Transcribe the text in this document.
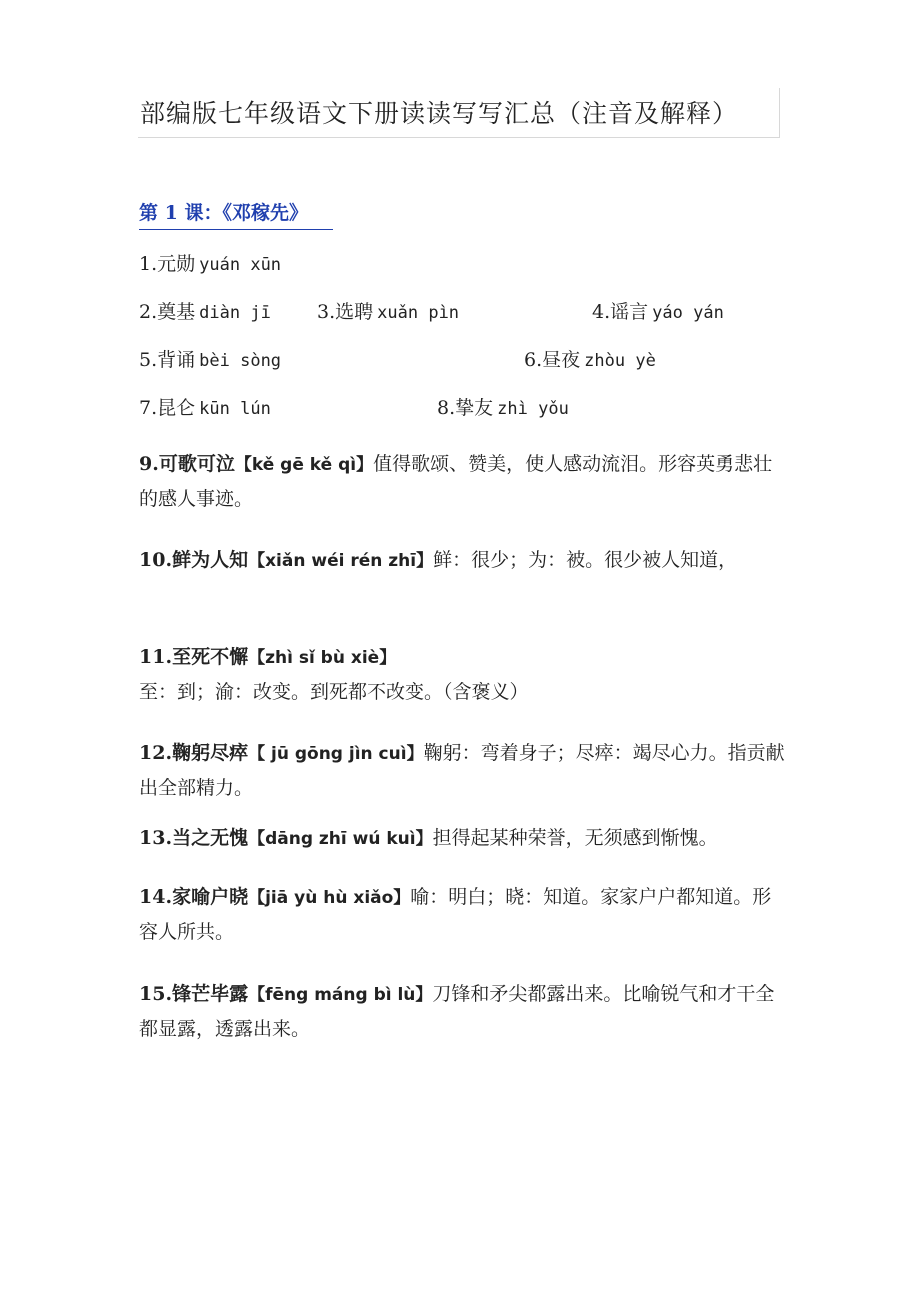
部编版七年级语文下册读读写写汇总（注音及解释）
第 1 课：《邓稼先》
1.元勋 yuán xūn
2.奠基 diàn jī 3.选聘 xuǎn pìn	4.谣言 yáo yán
5.背诵 bèi sòng	6.昼夜 zhòu yè
7.昆仑 kūn lún	8.挚友 zhì yǒu
9.可歌可泣【kě gē kě qì】值得歌颂、赞美，使人感动流泪。形容英勇悲壮的感人事迹。
10.鲜为人知【xiǎn wéi rén zhī】鲜：很少；为：被。很少被人知道，
11.至死不懈【zhì sǐ bù xiè】至：到；渝：改变。到死都不改变。（含褒义）
12.鞠躬尽瘁【 jū gōng jìn cuì】鞠躬：弯着身子；尽瘁：竭尽心力。指贡献出全部精力。
13.当之无愧【dāng zhī wú kuì】担得起某种荣誉，无须感到惭愧。
14.家喻户晓【jiā yù hù xiǎo】喻：明白；晓：知道。家家户户都知道。形容人所共。
15.锋芒毕露【fēng máng bì lù】刀锋和矛尖都露出来。比喻锐气和才干全都显露，透露出来。
